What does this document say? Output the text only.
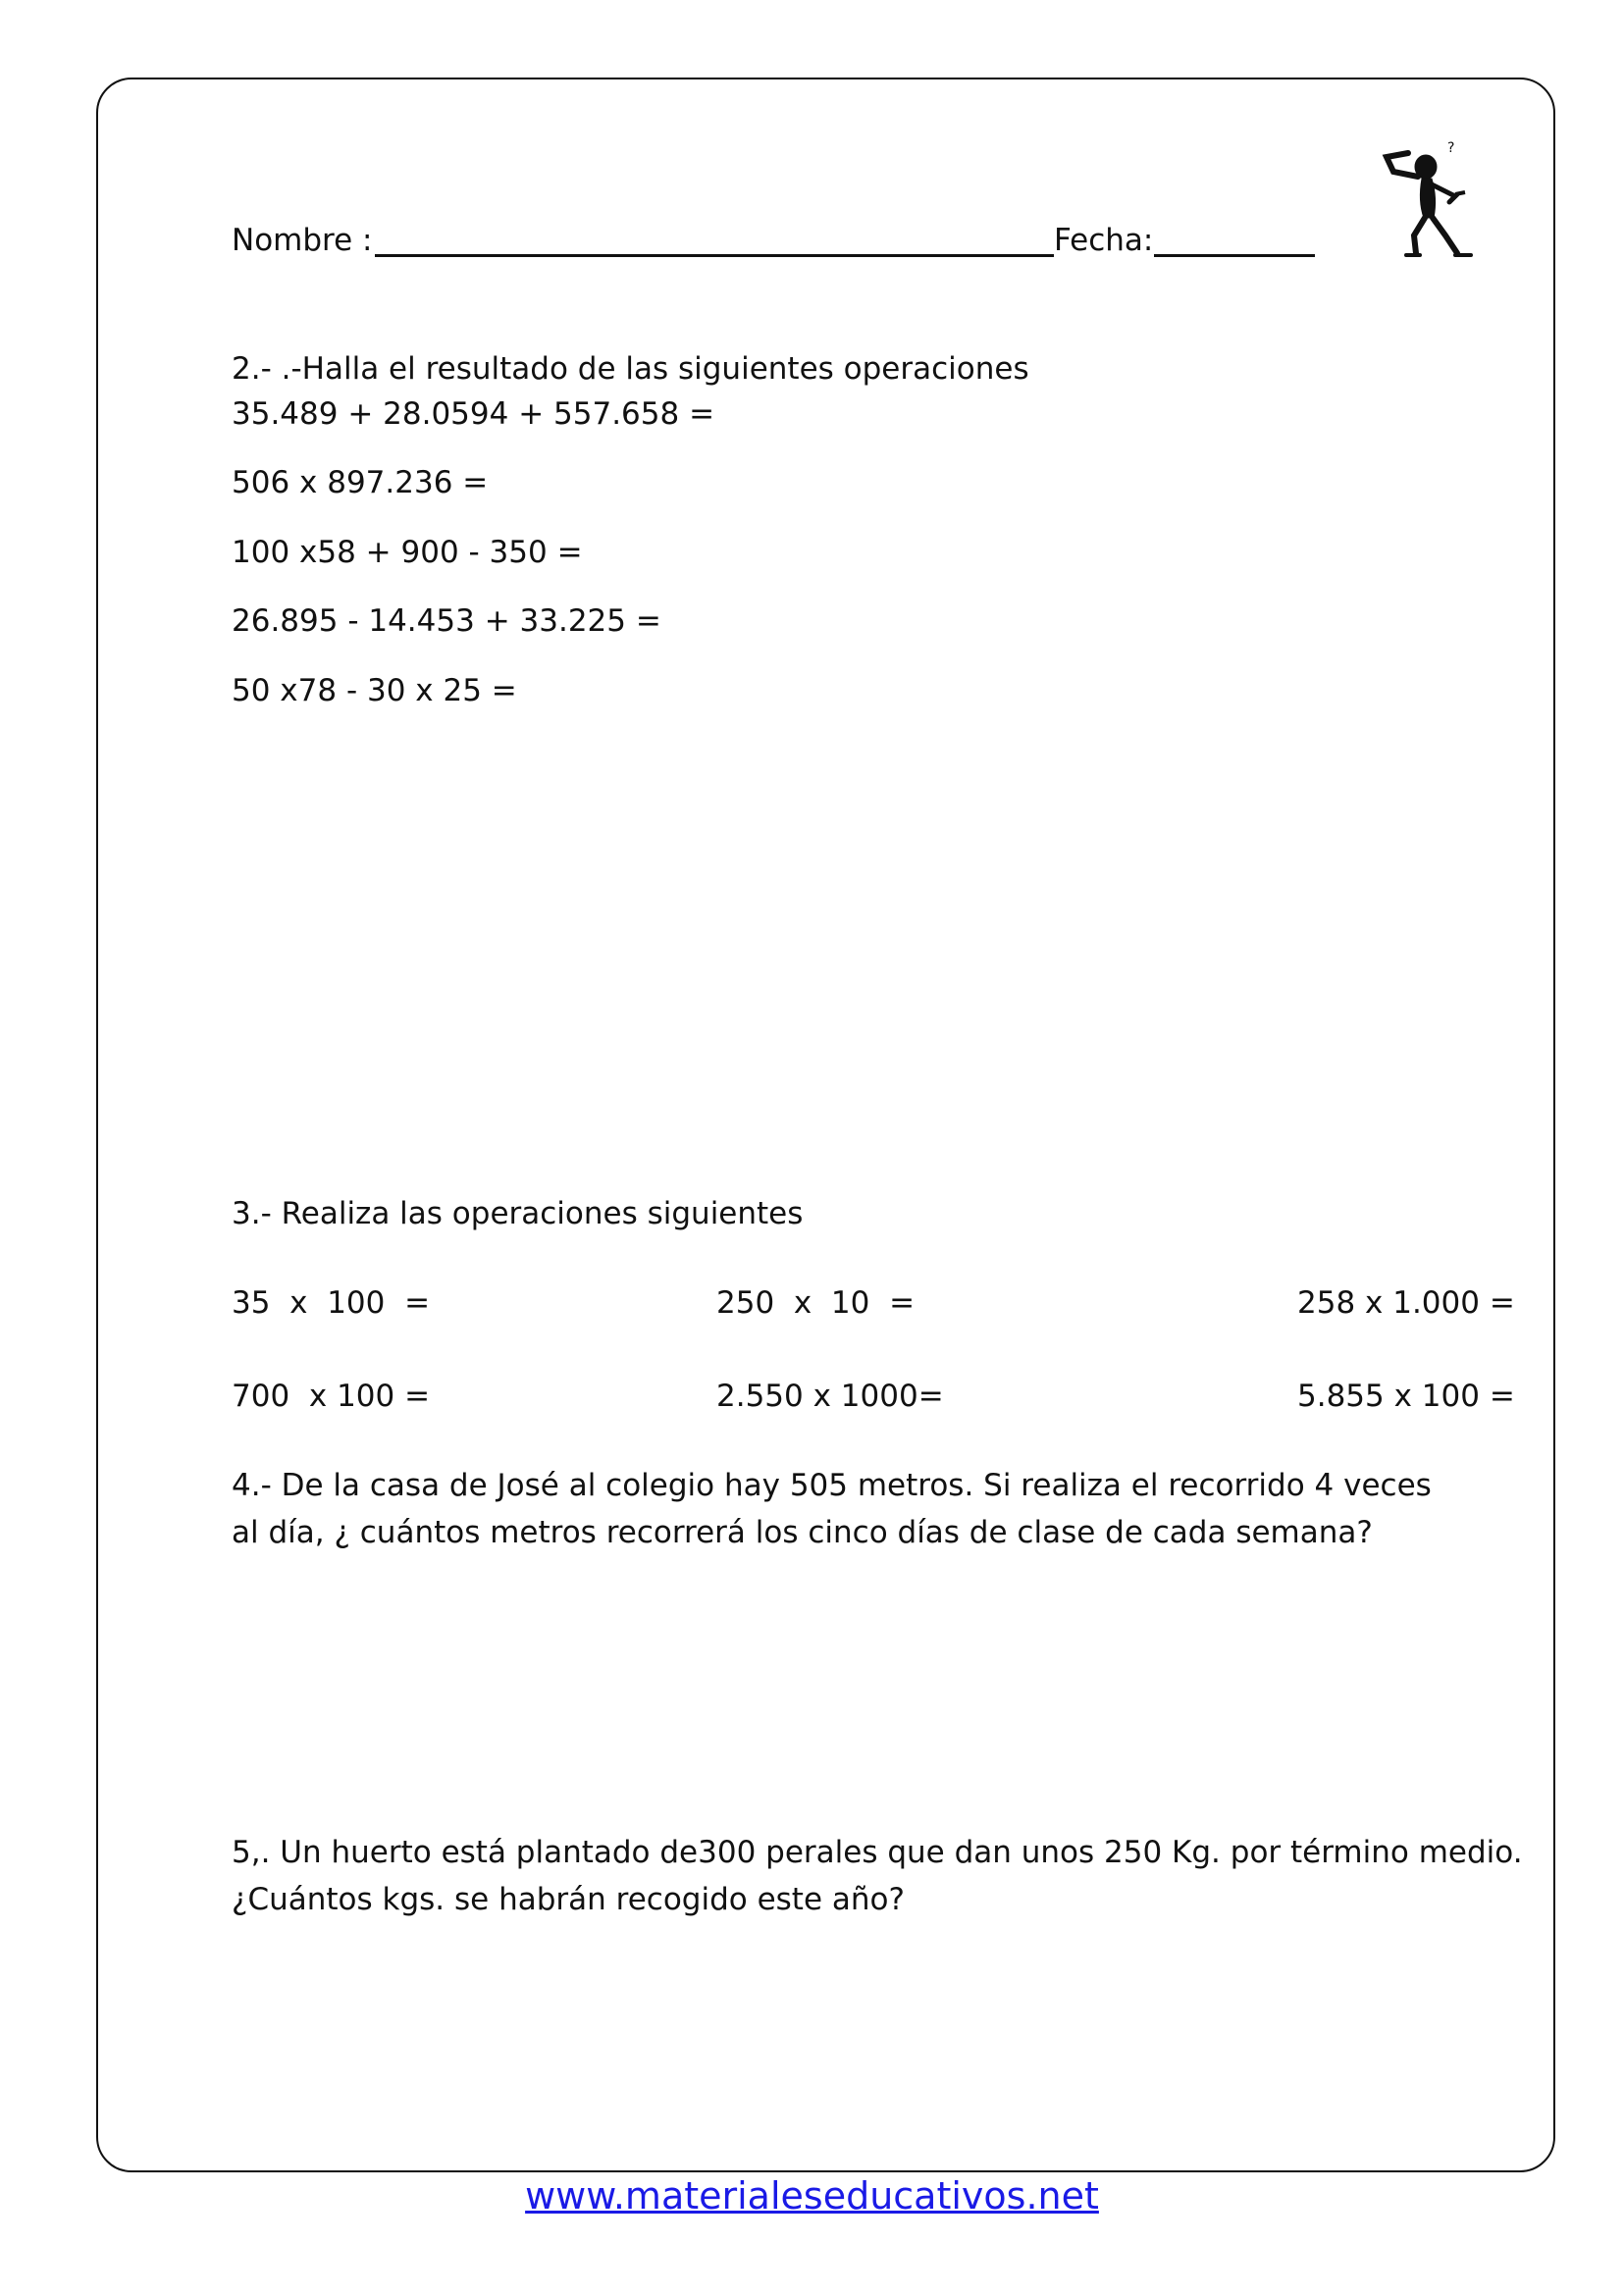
Nombre :	Fecha:
?
2.- .-Halla el resultado de las siguientes operaciones
35.489 + 28.0594 + 557.658 =
506 x 897.236 =
100 x58 + 900 - 350 =
26.895 - 14.453 + 33.225 =
50 x78 - 30 x 25 =
3.- Realiza las operaciones siguientes
35  x  100  =	250  x  10  =	258 x 1.000 =
700  x 100 =	2.550 x 1000=	5.855 x 100 =
4.- De la casa de José al colegio hay 505 metros. Si realiza el recorrido 4 veces
al día, ¿ cuántos metros recorrerá los cinco días de clase de cada semana?
5,. Un huerto está plantado de300 perales que dan unos 250 Kg. por término medio.
¿Cuántos kgs. se habrán recogido este año?
www.materialeseducativos.net
